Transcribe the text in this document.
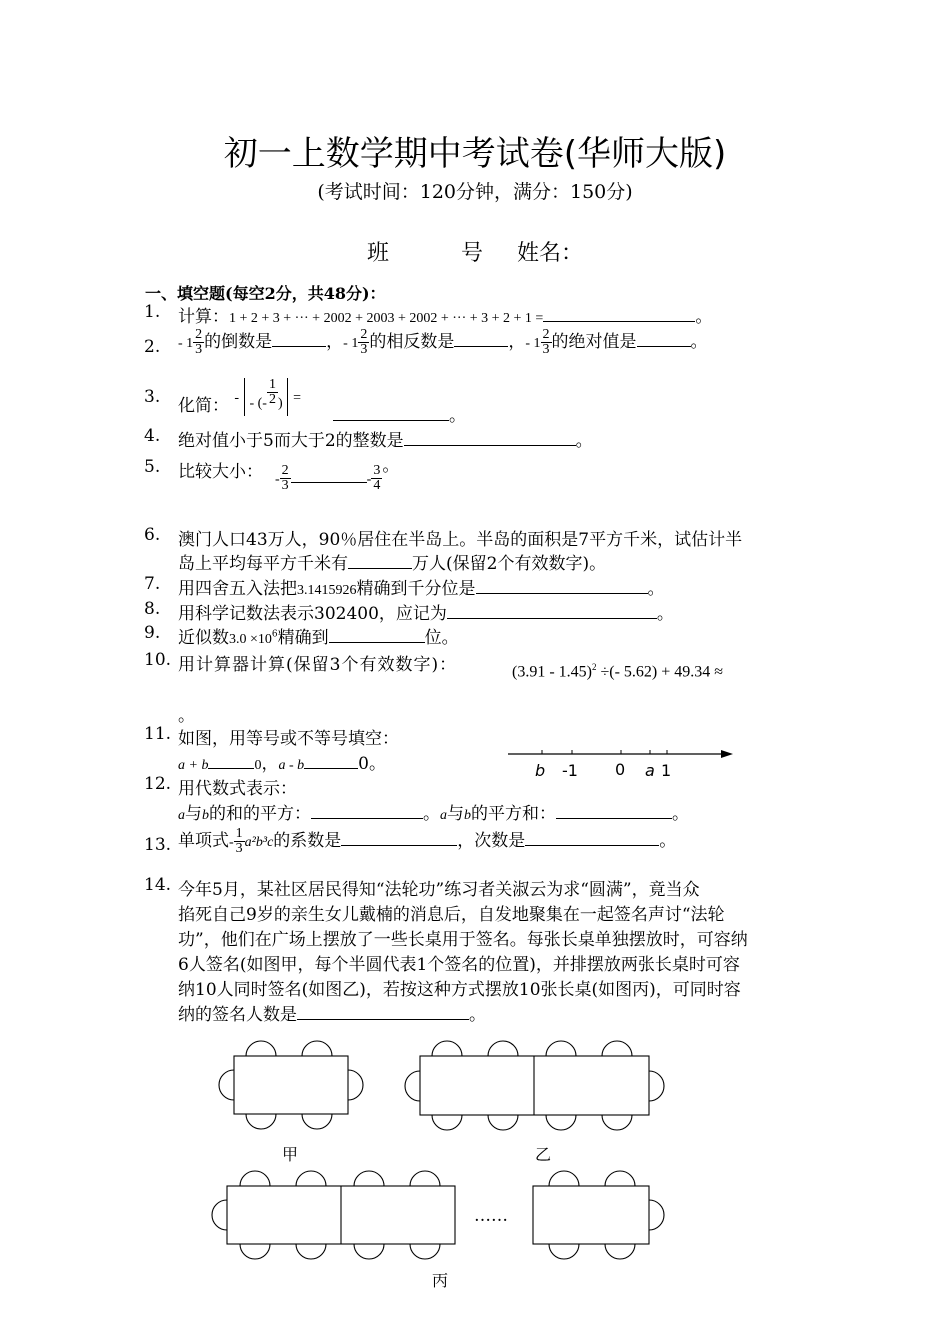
初一上数学期中考试卷(华师大版)
(考试时间：120分钟，满分：150分)
班	号 姓名：
一、填空题(每空2分，共48分)：
1. 计算：1 + 2 + 3 + ··· + 2002 + 2003 + 2002 + ··· + 3 + 2 + 1 =	。
2. - $1 \frac{2}{3}$ 的倒数是	，- $1 \frac{2}{3}$ 的相反数是	，- $1 \frac{2}{3}$ 的绝对值是	。
3. 化简： - $_{- (-} \frac{1}{2} _)$ =
。
4. 绝对值小于5而大于2的整数是	。
5. 比较大小： - $\frac{2}{3}$	- $\frac{3}{4}$ 。
6. 澳门人口43万人，90％居住在半岛上。半岛的面积是7平方千米，试估计半
岛上平均每平方千米有	万人(保留2个有效数字)。
7. 用四舍五入法把3.1415926精确到千分位是	。
8. 用科学记数法表示302400，应记为	。
9. 近似数$3.0 \times 10^6$精确到	位。
10. 用计算器计算(保留3个有效数字)：	(3.91 - 1.45)$^2$ ÷(- 5.62) + 49.34 ≈
。
11. 如图，用等号或不等号填空：
a + b	0，a - b	0。	b -1 0 a 1
12. 用代数式表示：
a与b的和的平方：	。a与b的平方和：	。
13. 单项式- $\frac{1}{3} a^2b^3c$的系数是	，次数是	。
14. 今年5月，某社区居民得知“法轮功”练习者关淑云为求“圆满”，竟当众
掐死自己9岁的亲生女儿戴楠的消息后，自发地聚集在一起签名声讨“法轮
功”，他们在广场上摆放了一些长桌用于签名。每张长桌单独摆放时，可容纳
6人签名(如图甲，每个半圆代表1个签名的位置)，并排摆放两张长桌时可容
纳10人同时签名(如图乙)，若按这种方式摆放10张长桌(如图丙)，可同时容
纳的签名人数是	。
甲	乙
……
丙
